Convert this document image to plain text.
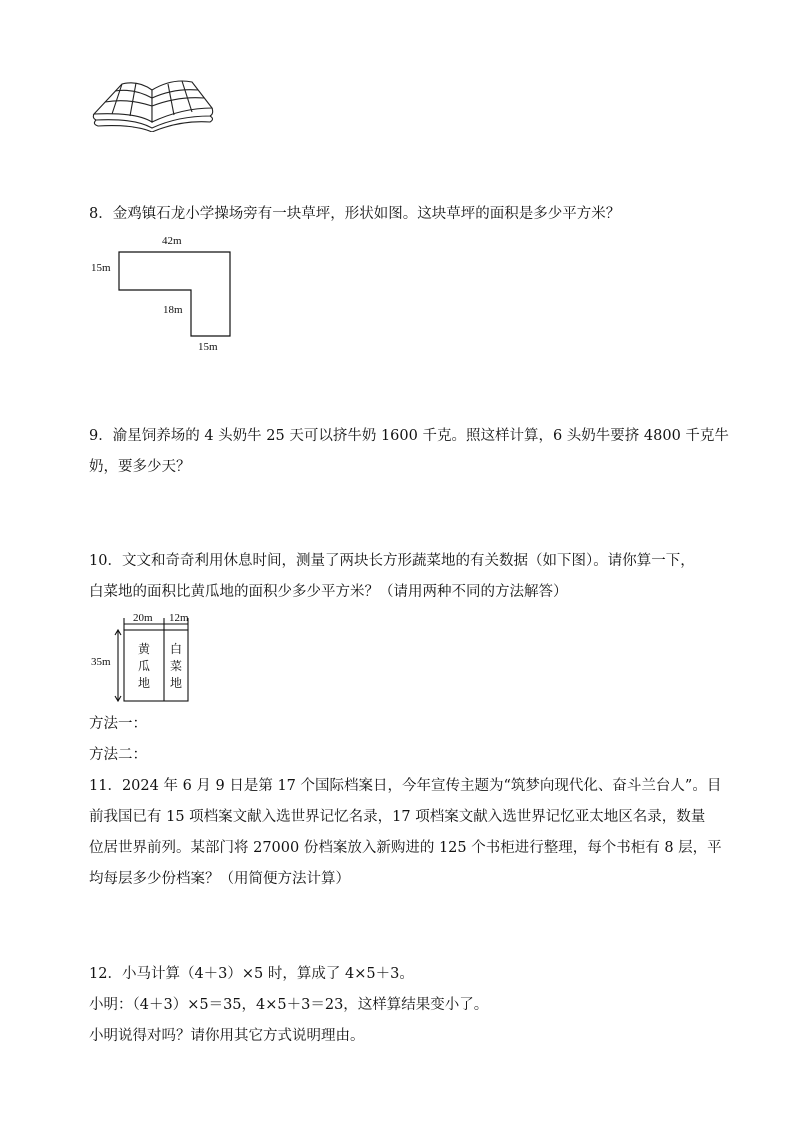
8．金鸡镇石龙小学操场旁有一块草坪，形状如图。这块草坪的面积是多少平方米？
42m
15m
18m
15m
9．渝星饲养场的 4 头奶牛 25 天可以挤牛奶 1600 千克。照这样计算，6 头奶牛要挤 4800 千克牛
奶，要多少天？
10．文文和奇奇利用休息时间，测量了两块长方形蔬菜地的有关数据（如下图）。请你算一下，
白菜地的面积比黄瓜地的面积少多少平方米？（请用两种不同的方法解答）
黄
瓜
地
白
菜
地
20m 12m
35m
方法一：
方法二：
11．2024 年 6 月 9 日是第 17 个国际档案日，今年宣传主题为“筑梦向现代化、奋斗兰台人”。目
前我国已有 15 项档案文献入选世界记忆名录，17 项档案文献入选世界记忆亚太地区名录，数量
位居世界前列。某部门将 27000 份档案放入新购进的 125 个书柜进行整理，每个书柜有 8 层，平
均每层多少份档案？（用简便方法计算）
12．小马计算（4＋3）×5 时，算成了 4×5＋3。
小明：（4＋3）×5＝35，4×5＋3＝23，这样算结果变小了。
小明说得对吗？请你用其它方式说明理由。
